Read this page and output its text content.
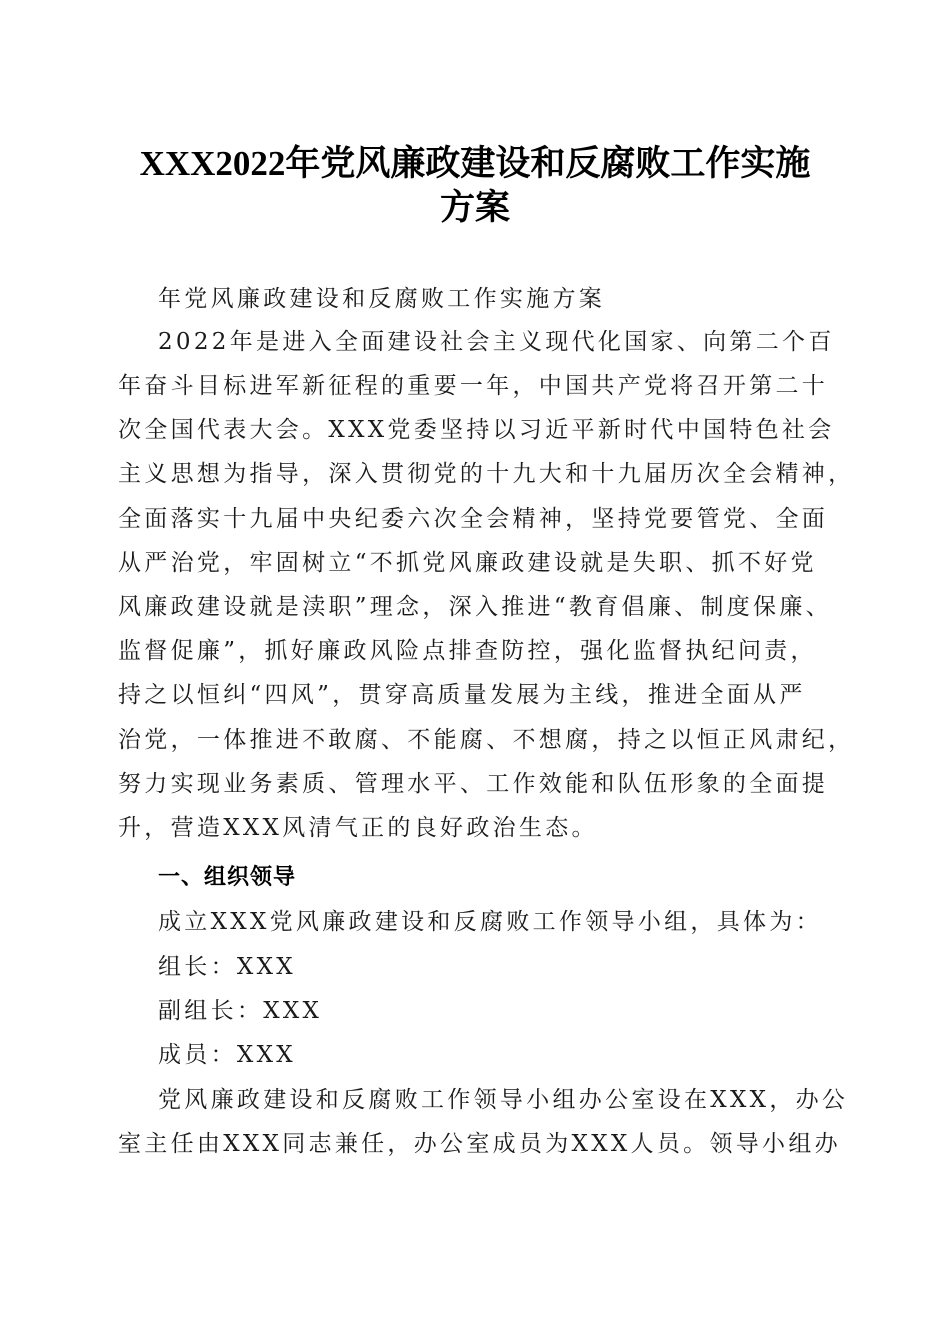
XXX2022年党风廉政建设和反腐败工作实施
方案
年党风廉政建设和反腐败工作实施方案
2022年是进入全面建设社会主义现代化国家、向第二个百
年奋斗目标进军新征程的重要一年，中国共产党将召开第二十
次全国代表大会。XXX党委坚持以习近平新时代中国特色社会
主义思想为指导，深入贯彻党的十九大和十九届历次全会精神，
全面落实十九届中央纪委六次全会精神，坚持党要管党、全面
从严治党，牢固树立“不抓党风廉政建设就是失职、抓不好党
风廉政建设就是渎职”理念，深入推进“教育倡廉、制度保廉、
监督促廉”，抓好廉政风险点排查防控，强化监督执纪问责，
持之以恒纠“四风”，贯穿高质量发展为主线，推进全面从严
治党，一体推进不敢腐、不能腐、不想腐，持之以恒正风肃纪，
努力实现业务素质、管理水平、工作效能和队伍形象的全面提
升，营造XXX风清气正的良好政治生态。
一、组织领导
成立XXX党风廉政建设和反腐败工作领导小组，具体为：
组长：XXX
副组长：XXX
成员：XXX
党风廉政建设和反腐败工作领导小组办公室设在XXX，办公
室主任由XXX同志兼任，办公室成员为XXX人员。领导小组办
